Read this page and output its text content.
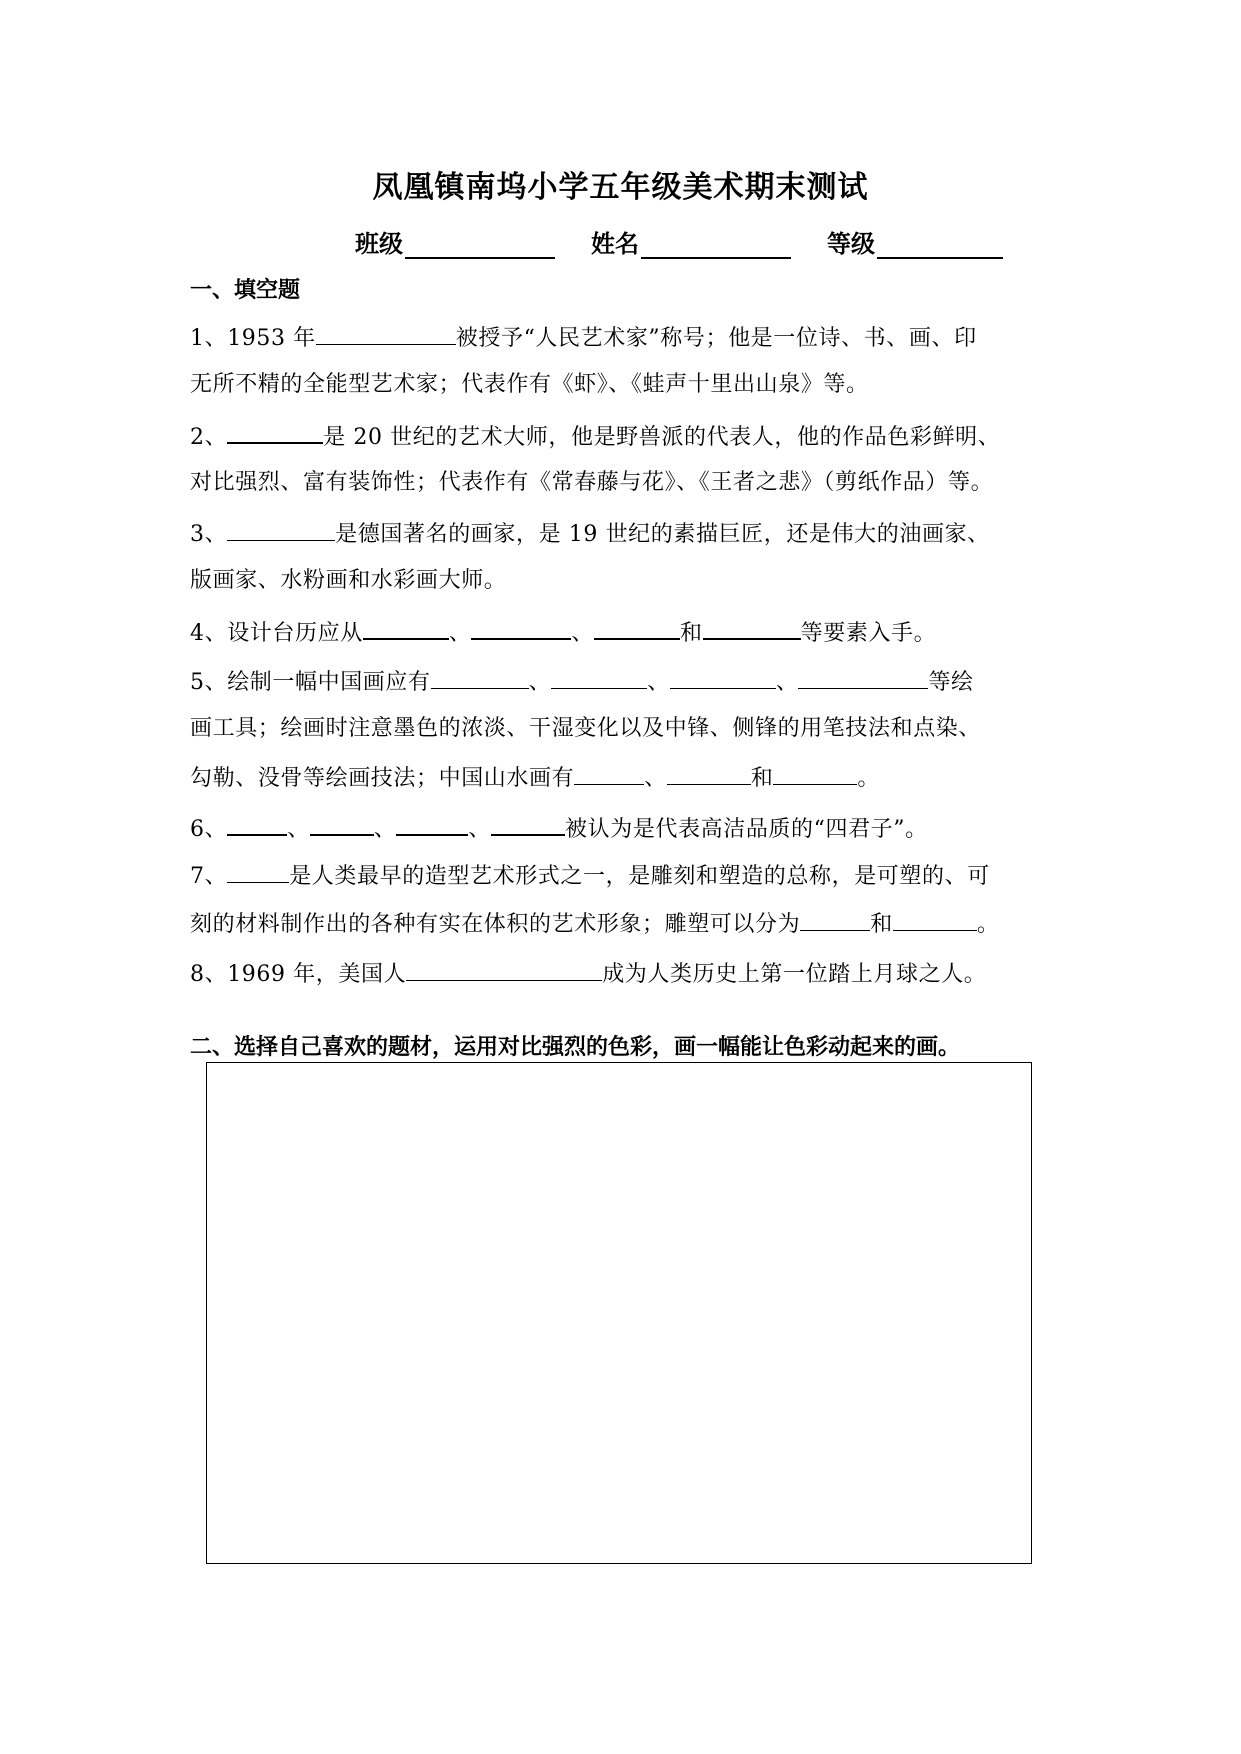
凤凰镇南坞小学五年级美术期末测试
班级	姓名	等级
一、填空题
1、1953 年	被授予“人民艺术家”称号；他是一位诗、书、画、印
无所不精的全能型艺术家；代表作有《虾》、《蛙声十里出山泉》等。
2、	是 20 世纪的艺术大师，他是野兽派的代表人，他的作品色彩鲜明、
对比强烈、富有装饰性；代表作有《常春藤与花》、《王者之悲》（剪纸作品）等。
3、	是德国著名的画家，是 19 世纪的素描巨匠，还是伟大的油画家、
版画家、水粉画和水彩画大师。
4、设计台历应从	、	、	和	等要素入手。
5、绘制一幅中国画应有	、	、	、	等绘
画工具；绘画时注意墨色的浓淡、干湿变化以及中锋、侧锋的用笔技法和点染、
勾勒、没骨等绘画技法；中国山水画有	、	和	。
6、	、	、	、	被认为是代表高洁品质的“四君子”。
7、	是人类最早的造型艺术形式之一，是雕刻和塑造的总称，是可塑的、可
刻的材料制作出的各种有实在体积的艺术形象；雕塑可以分为	和	。
8、1969 年，美国人	成为人类历史上第一位踏上月球之人。
二、选择自己喜欢的题材，运用对比强烈的色彩，画一幅能让色彩动起来的画。
